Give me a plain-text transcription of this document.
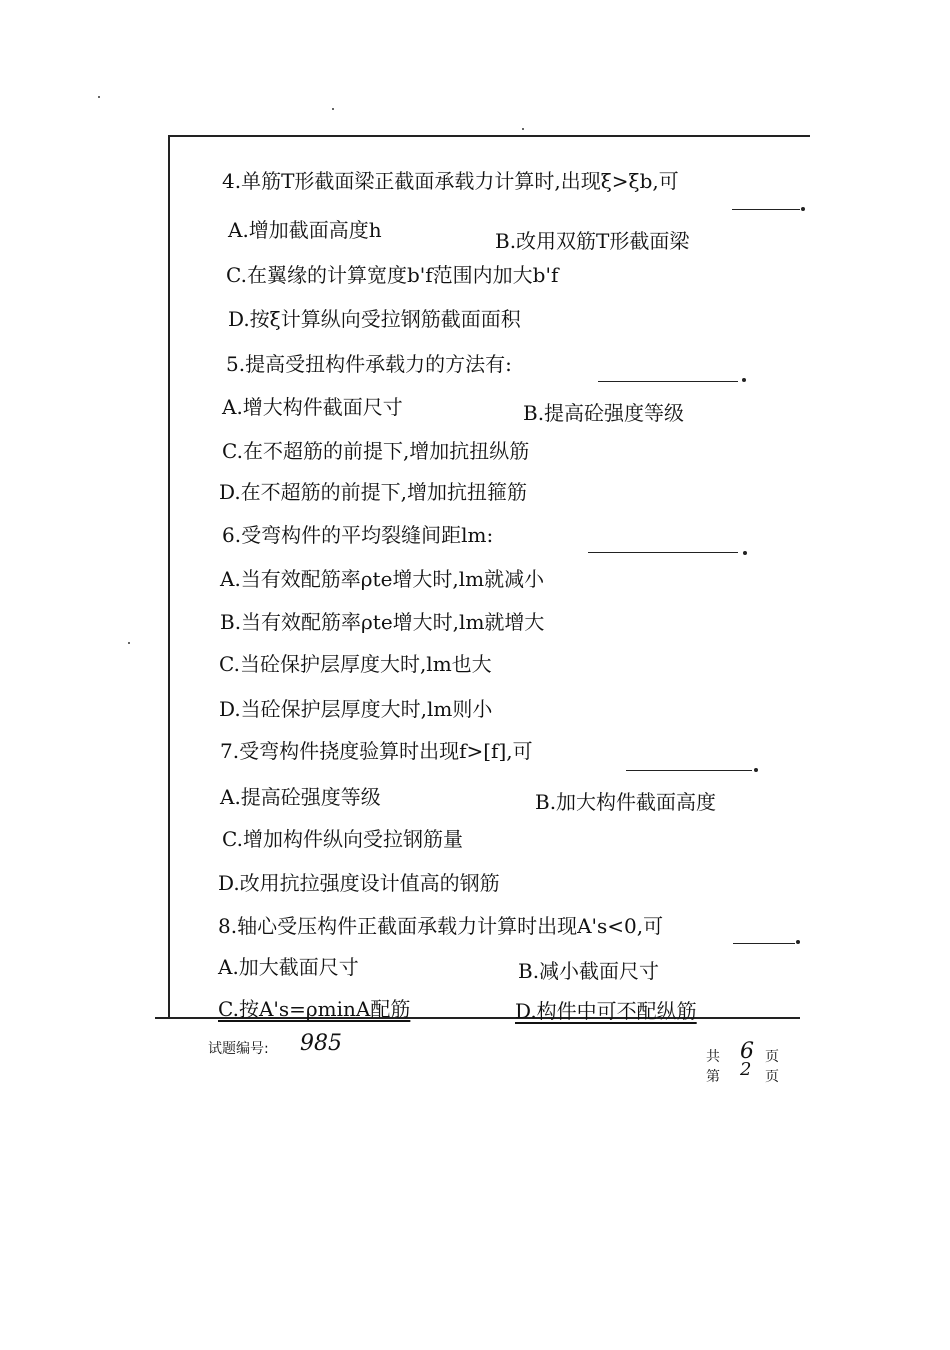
4.单筋T形截面梁正截面承载力计算时,出现ξ>ξb,可
A.增加截面高度h	B.改用双筋T形截面梁
C.在翼缘的计算宽度b'f范围内加大b'f
D.按ξ计算纵向受拉钢筋截面面积
5.提高受扭构件承载力的方法有:
A.增大构件截面尺寸	B.提高砼强度等级
C.在不超筋的前提下,增加抗扭纵筋
D.在不超筋的前提下,增加抗扭箍筋
6.受弯构件的平均裂缝间距lm:
A.当有效配筋率ρte增大时,lm就减小
B.当有效配筋率ρte增大时,lm就增大
C.当砼保护层厚度大时,lm也大
D.当砼保护层厚度大时,lm则小
7.受弯构件挠度验算时出现f>[f],可
A.提高砼强度等级	B.加大构件截面高度
C.增加构件纵向受拉钢筋量
D.改用抗拉强度设计值高的钢筋
8.轴心受压构件正截面承载力计算时出现A's<0,可
A.加大截面尺寸	B.减小截面尺寸
C.按A's=ρminA配筋	D.构件中可不配纵筋
试题编号: 985
共 6 页
第 2 页
